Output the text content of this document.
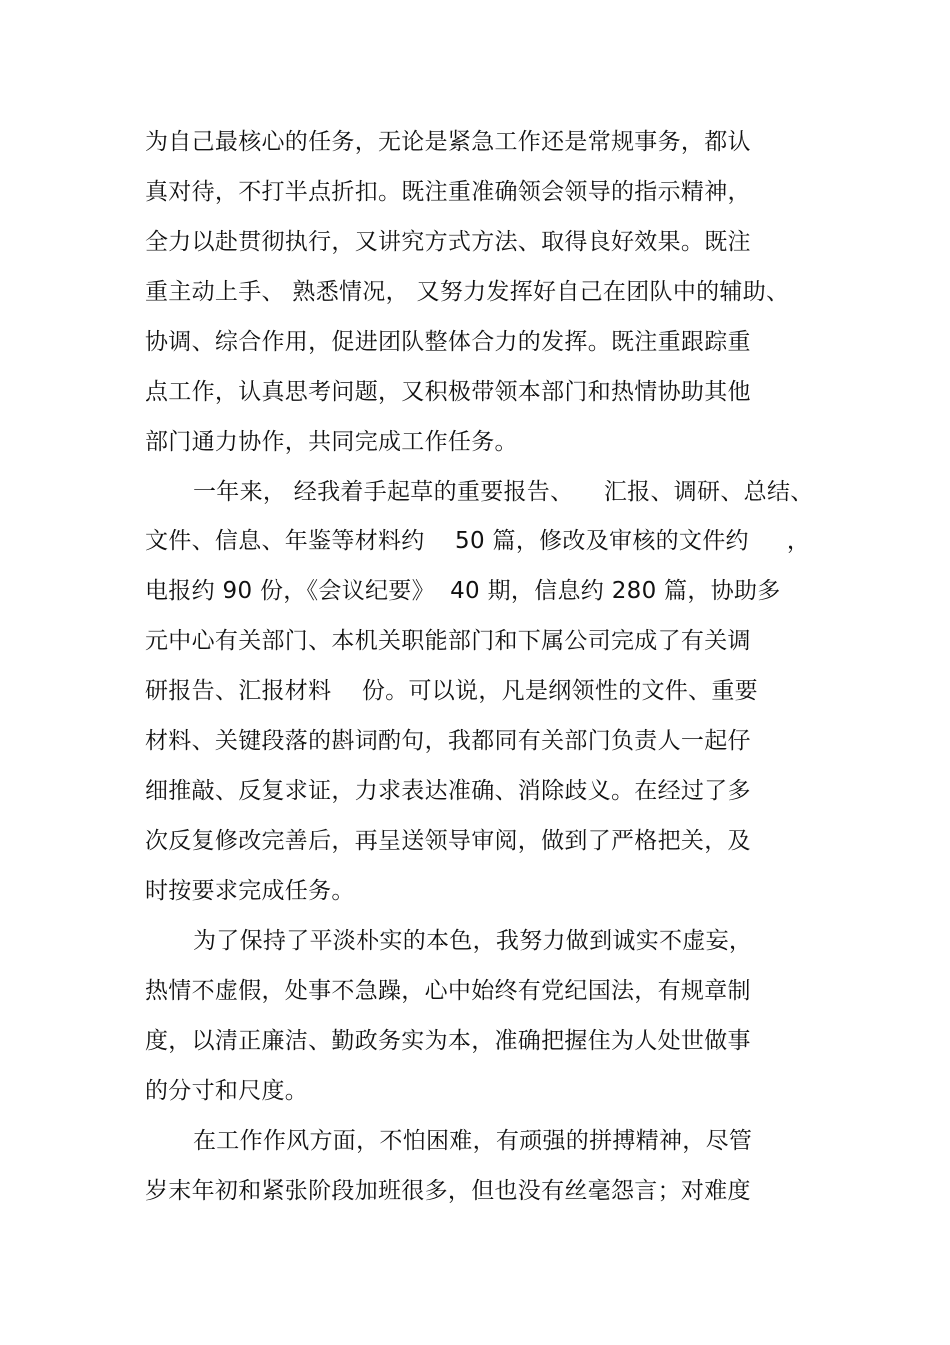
为自己最核心的任务，无论是紧急工作还是常规事务，都认
真对待，不打半点折扣。既注重准确领会领导的指示精神，
全力以赴贯彻执行，又讲究方式方法、取得良好效果。既注
重主动上手、 熟悉情况， 又努力发挥好自己在团队中的辅助、
协调、综合作用，促进团队整体合力的发挥。既注重跟踪重
点工作，认真思考问题，又积极带领本部门和热情协助其他
部门通力协作，共同完成工作任务。
一年来， 经我着手起草的重要报告、    汇报、调研、总结、
文件、信息、年鉴等材料约    50 篇，修改及审核的文件约     ，
电报约 90 份，《会议纪要》  40 期，信息约 280 篇，协助多
元中心有关部门、本机关职能部门和下属公司完成了有关调
研报告、汇报材料    份。可以说，凡是纲领性的文件、重要
材料、关键段落的斟词酌句，我都同有关部门负责人一起仔
细推敲、反复求证，力求表达准确、消除歧义。在经过了多
次反复修改完善后，再呈送领导审阅，做到了严格把关，及
时按要求完成任务。
为了保持了平淡朴实的本色，我努力做到诚实不虚妄，
热情不虚假，处事不急躁，心中始终有党纪国法，有规章制
度，以清正廉洁、勤政务实为本，准确把握住为人处世做事
的分寸和尺度。
在工作作风方面，不怕困难，有顽强的拼搏精神，尽管
岁末年初和紧张阶段加班很多，但也没有丝毫怨言；对难度
